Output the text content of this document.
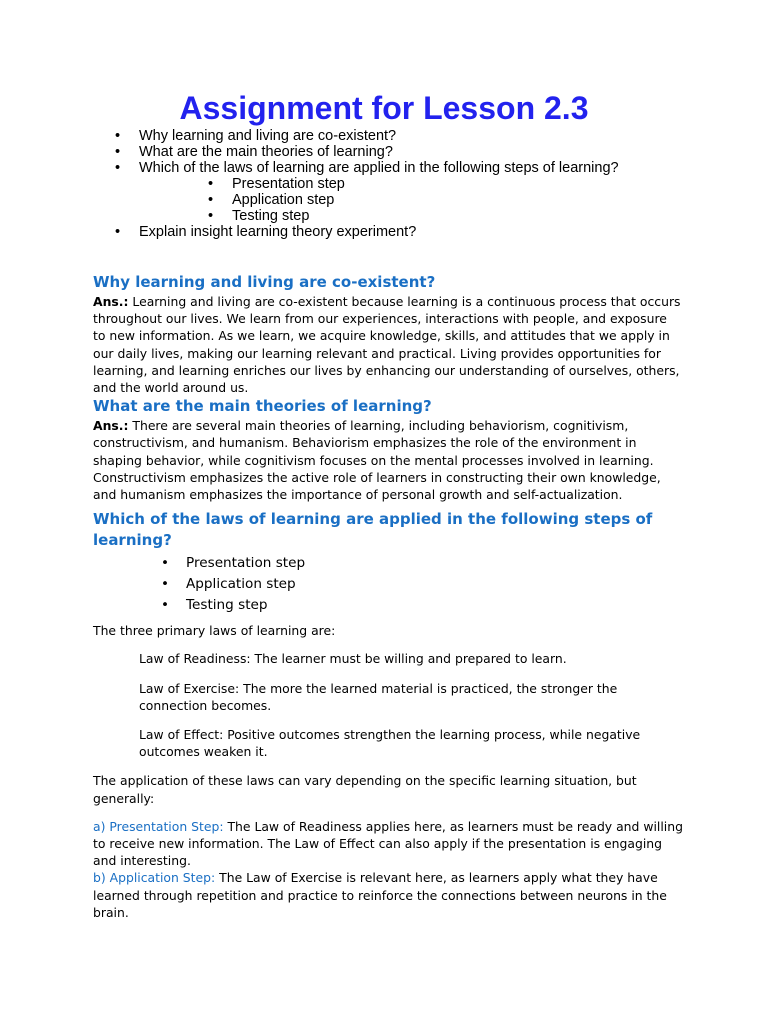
Assignment for Lesson 2.3
• Why learning and living are co-existent?
• What are the main theories of learning?
• Which of the laws of learning are applied in the following steps of learning?
• Presentation step
• Application step
• Testing step
• Explain insight learning theory experiment?
Why learning and living are co-existent?

Ans.: Learning and living are co-existent because learning is a continuous process that occurs throughout our lives. We learn from our experiences, interactions with people, and exposure to new information. As we learn, we acquire knowledge, skills, and attitudes that we apply in our daily lives, making our learning relevant and practical. Living provides opportunities for learning, and learning enriches our lives by enhancing our understanding of ourselves, others, and the world around us.

What are the main theories of learning?

Ans.: There are several main theories of learning, including behaviorism, cognitivism, constructivism, and humanism. Behaviorism emphasizes the role of the environment in shaping behavior, while cognitivism focuses on the mental processes involved in learning. Constructivism emphasizes the active role of learners in constructing their own knowledge, and humanism emphasizes the importance of personal growth and self-actualization.

Which of the laws of learning are applied in the following steps of learning?
• Presentation step
• Application step
• Testing step

The three primary laws of learning are:

Law of Readiness: The learner must be willing and prepared to learn.

Law of Exercise: The more the learned material is practiced, the stronger the connection becomes.

Law of Effect: Positive outcomes strengthen the learning process, while negative outcomes weaken it.

The application of these laws can vary depending on the specific learning situation, but generally:

a) Presentation Step: The Law of Readiness applies here, as learners must be ready and willing to receive new information. The Law of Effect can also apply if the presentation is engaging and interesting.

b) Application Step: The Law of Exercise is relevant here, as learners apply what they have learned through repetition and practice to reinforce the connections between neurons in the brain.
